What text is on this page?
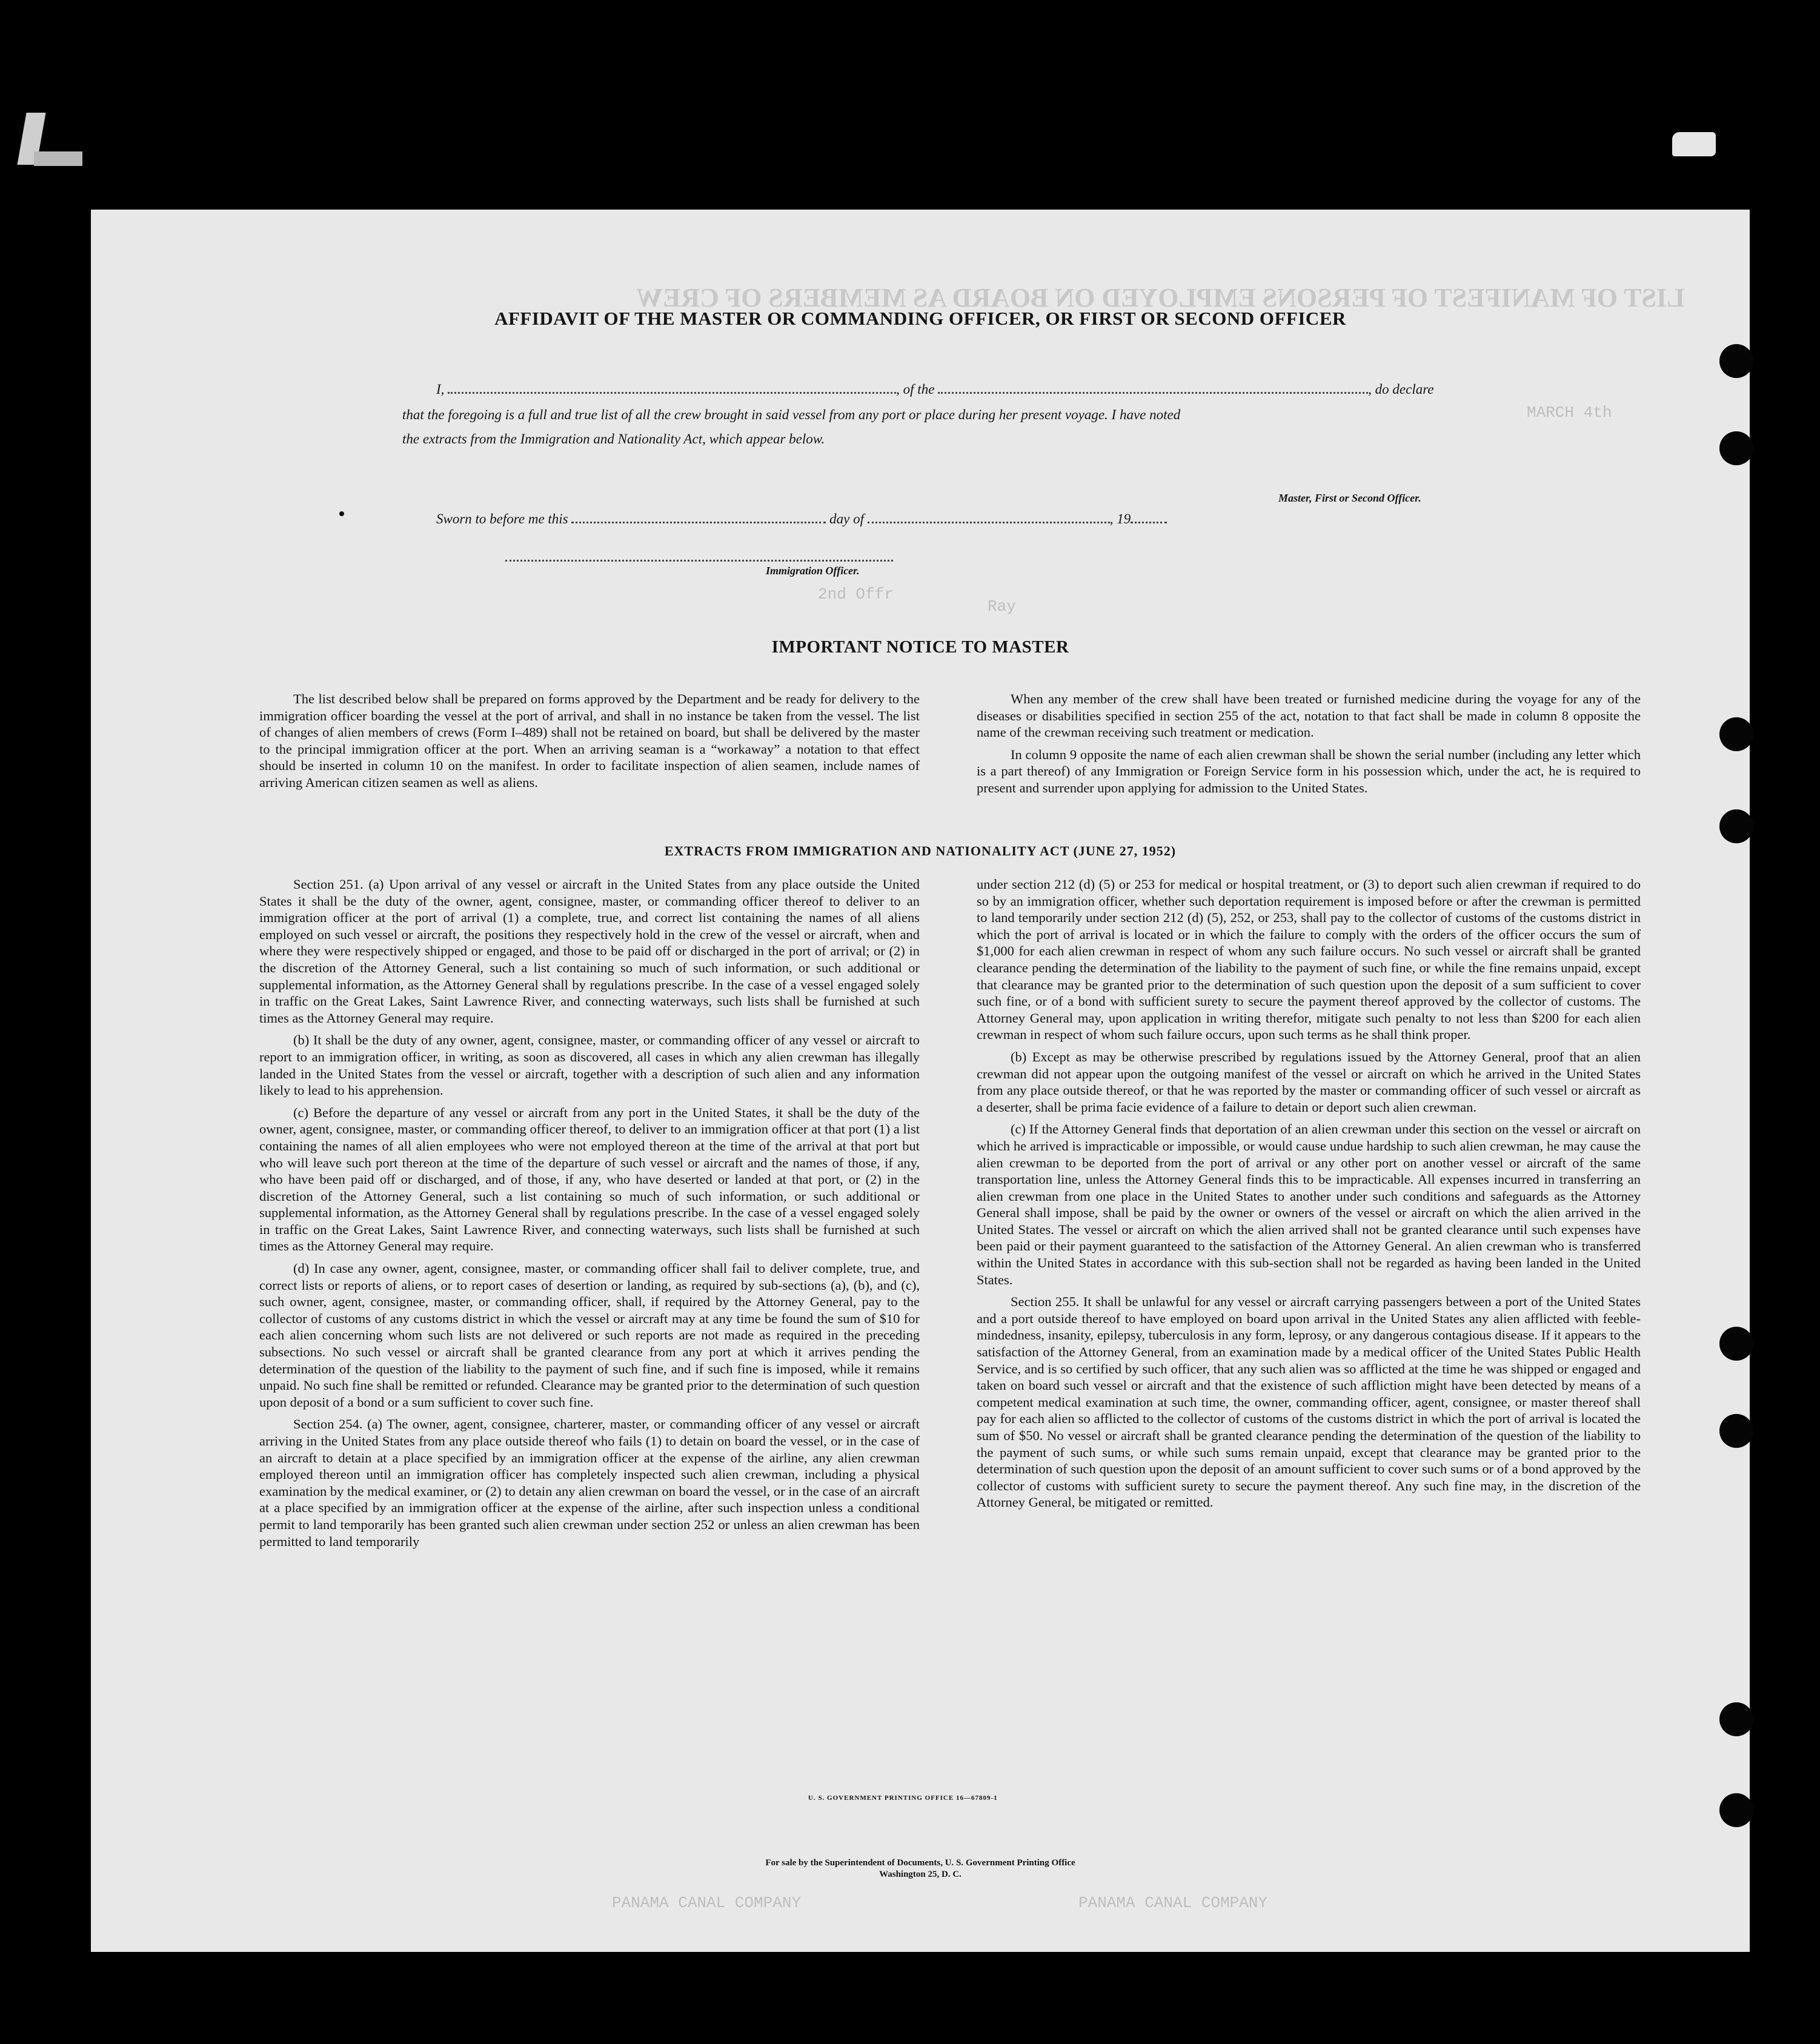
LIST OF MANIFEST OF PERSONS EMPLOYED ON BOARD AS MEMBERS OF CREW
MARCH 4th
2nd Offr
Ray
AFFIDAVIT OF THE MASTER OR COMMANDING OFFICER, OR FIRST OR SECOND OFFICER
I,	, of the	, do declare
that the foregoing is a full and true list of all the crew brought in said vessel from any port or place during her present voyage. I have noted
the extracts from the Immigration and Nationality Act, which appear below.
Master, First or Second Officer.
Sworn to before me this	day of	, 19
Immigration Officer.
IMPORTANT NOTICE TO MASTER

The list described below shall be prepared on forms approved by the Department and be ready for delivery to the immigration officer boarding the vessel at the port of arrival, and shall in no instance be taken from the vessel. The list of changes of alien members of crews (Form I–489) shall not be retained on board, but shall be delivered by the master to the principal immigration officer at the port. When an arriving seaman is a “workaway” a notation to that effect should be inserted in column 10 on the manifest. In order to facilitate inspection of alien seamen, include names of arriving American citizen seamen as well as aliens.

When any member of the crew shall have been treated or furnished medicine during the voyage for any of the diseases or disabilities specified in section 255 of the act, notation to that fact shall be made in column 8 opposite the name of the crewman receiving such treatment or medication.

In column 9 opposite the name of each alien crewman shall be shown the serial number (including any letter which is a part thereof) of any Immigration or Foreign Service form in his possession which, under the act, he is required to present and surrender upon applying for admission to the United States.

EXTRACTS FROM IMMIGRATION AND NATIONALITY ACT (JUNE 27, 1952)

Section 251. (a) Upon arrival of any vessel or aircraft in the United States from any place outside the United States it shall be the duty of the owner, agent, consignee, master, or commanding officer thereof to deliver to an immigration officer at the port of arrival (1) a complete, true, and correct list containing the names of all aliens employed on such vessel or aircraft, the positions they respectively hold in the crew of the vessel or aircraft, when and where they were respectively shipped or engaged, and those to be paid off or discharged in the port of arrival; or (2) in the discretion of the Attorney General, such a list containing so much of such information, or such additional or supplemental information, as the Attorney General shall by regulations prescribe. In the case of a vessel engaged solely in traffic on the Great Lakes, Saint Lawrence River, and connecting waterways, such lists shall be furnished at such times as the Attorney General may require.

(b) It shall be the duty of any owner, agent, consignee, master, or commanding officer of any vessel or aircraft to report to an immigration officer, in writing, as soon as discovered, all cases in which any alien crewman has illegally landed in the United States from the vessel or aircraft, together with a description of such alien and any information likely to lead to his apprehension.

(c) Before the departure of any vessel or aircraft from any port in the United States, it shall be the duty of the owner, agent, consignee, master, or commanding officer thereof, to deliver to an immigration officer at that port (1) a list containing the names of all alien employees who were not employed thereon at the time of the arrival at that port but who will leave such port thereon at the time of the departure of such vessel or aircraft and the names of those, if any, who have been paid off or discharged, and of those, if any, who have deserted or landed at that port, or (2) in the discretion of the Attorney General, such a list containing so much of such information, or such additional or supplemental information, as the Attorney General shall by regulations prescribe. In the case of a vessel engaged solely in traffic on the Great Lakes, Saint Lawrence River, and connecting waterways, such lists shall be furnished at such times as the Attorney General may require.

(d) In case any owner, agent, consignee, master, or commanding officer shall fail to deliver complete, true, and correct lists or reports of aliens, or to report cases of desertion or landing, as required by sub-sections (a), (b), and (c), such owner, agent, consignee, master, or commanding officer, shall, if required by the Attorney General, pay to the collector of customs of any customs district in which the vessel or aircraft may at any time be found the sum of $10 for each alien concerning whom such lists are not delivered or such reports are not made as required in the preceding subsections. No such vessel or aircraft shall be granted clearance from any port at which it arrives pending the determination of the question of the liability to the payment of such fine, and if such fine is imposed, while it remains unpaid. No such fine shall be remitted or refunded. Clearance may be granted prior to the determination of such question upon deposit of a bond or a sum sufficient to cover such fine.

Section 254. (a) The owner, agent, consignee, charterer, master, or commanding officer of any vessel or aircraft arriving in the United States from any place outside thereof who fails (1) to detain on board the vessel, or in the case of an aircraft to detain at a place specified by an immigration officer at the expense of the airline, any alien crewman employed thereon until an immigration officer has completely inspected such alien crewman, including a physical examination by the medical examiner, or (2) to detain any alien crewman on board the vessel, or in the case of an aircraft at a place specified by an immigration officer at the expense of the airline, after such inspection unless a conditional permit to land temporarily has been granted such alien crewman under section 252 or unless an alien crewman has been permitted to land temporarily

under section 212 (d) (5) or 253 for medical or hospital treatment, or (3) to deport such alien crewman if required to do so by an immigration officer, whether such deportation requirement is imposed before or after the crewman is permitted to land temporarily under section 212 (d) (5), 252, or 253, shall pay to the collector of customs of the customs district in which the port of arrival is located or in which the failure to comply with the orders of the officer occurs the sum of $1,000 for each alien crewman in respect of whom any such failure occurs. No such vessel or aircraft shall be granted clearance pending the determination of the liability to the payment of such fine, or while the fine remains unpaid, except that clearance may be granted prior to the determination of such question upon the deposit of a sum sufficient to cover such fine, or of a bond with sufficient surety to secure the payment thereof approved by the collector of customs. The Attorney General may, upon application in writing therefor, mitigate such penalty to not less than $200 for each alien crewman in respect of whom such failure occurs, upon such terms as he shall think proper.

(b) Except as may be otherwise prescribed by regulations issued by the Attorney General, proof that an alien crewman did not appear upon the outgoing manifest of the vessel or aircraft on which he arrived in the United States from any place outside thereof, or that he was reported by the master or commanding officer of such vessel or aircraft as a deserter, shall be prima facie evidence of a failure to detain or deport such alien crewman.

(c) If the Attorney General finds that deportation of an alien crewman under this section on the vessel or aircraft on which he arrived is impracticable or impossible, or would cause undue hardship to such alien crewman, he may cause the alien crewman to be deported from the port of arrival or any other port on another vessel or aircraft of the same transportation line, unless the Attorney General finds this to be impracticable. All expenses incurred in transferring an alien crewman from one place in the United States to another under such conditions and safeguards as the Attorney General shall impose, shall be paid by the owner or owners of the vessel or aircraft on which the alien arrived in the United States. The vessel or aircraft on which the alien arrived shall not be granted clearance until such expenses have been paid or their payment guaranteed to the satisfaction of the Attorney General. An alien crewman who is transferred within the United States in accordance with this sub-section shall not be regarded as having been landed in the United States.

Section 255. It shall be unlawful for any vessel or aircraft carrying passengers between a port of the United States and a port outside thereof to have employed on board upon arrival in the United States any alien afflicted with feeble-mindedness, insanity, epilepsy, tuberculosis in any form, leprosy, or any dangerous contagious disease. If it appears to the satisfaction of the Attorney General, from an examination made by a medical officer of the United States Public Health Service, and is so certified by such officer, that any such alien was so afflicted at the time he was shipped or engaged and taken on board such vessel or aircraft and that the existence of such affliction might have been detected by means of a competent medical examination at such time, the owner, commanding officer, agent, consignee, or master thereof shall pay for each alien so afflicted to the collector of customs of the customs district in which the port of arrival is located the sum of $50. No vessel or aircraft shall be granted clearance pending the determination of the question of the liability to the payment of such sums, or while such sums remain unpaid, except that clearance may be granted prior to the determination of such question upon the deposit of an amount sufficient to cover such sums or of a bond approved by the collector of customs with sufficient surety to secure the payment thereof. Any such fine may, in the discretion of the Attorney General, be mitigated or remitted.

U. S. GOVERNMENT PRINTING OFFICE 16—67809-1
For sale by the Superintendent of Documents, U. S. Government Printing Office
Washington 25, D. C.
PANAMA CANAL COMPANY	PANAMA CANAL COMPANY
